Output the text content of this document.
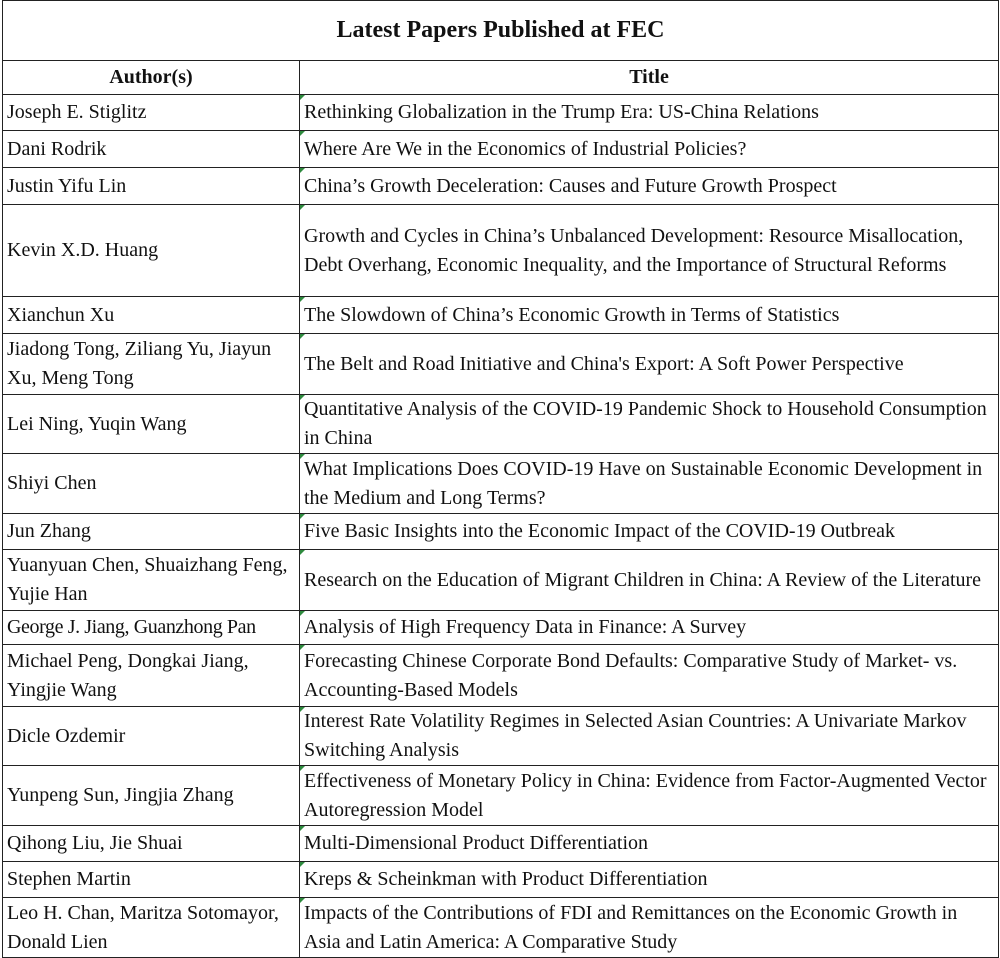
Latest Papers Published at FEC	
Author(s)	Title
Joseph E. Stiglitz	Rethinking Globalization in the Trump Era: US-China Relations
Dani Rodrik	Where Are We in the Economics of Industrial Policies?
Justin Yifu Lin	China’s Growth Deceleration: Causes and Future Growth Prospect
Kevin X.D. Huang	Growth and Cycles in China’s Unbalanced Development: Resource Misallocation, Debt Overhang, Economic Inequality, and the Importance of Structural Reforms
Xianchun Xu	The Slowdown of China’s Economic Growth in Terms of Statistics
Jiadong Tong, Ziliang Yu, Jiayun Xu, Meng Tong	The Belt and Road Initiative and China's Export: A Soft Power Perspective
Lei Ning, Yuqin Wang	Quantitative Analysis of the COVID-19 Pandemic Shock to Household Consumption in China
Shiyi Chen	What Implications Does COVID-19 Have on Sustainable Economic Development in the Medium and Long Terms?
Jun Zhang	Five Basic Insights into the Economic Impact of the COVID-19 Outbreak
Yuanyuan Chen, Shuaizhang Feng, Yujie Han	Research on the Education of Migrant Children in China: A Review of the Literature
George J. Jiang, Guanzhong Pan	Analysis of High Frequency Data in Finance: A Survey
Michael Peng, Dongkai Jiang, Yingjie Wang	Forecasting Chinese Corporate Bond Defaults: Comparative Study of Market- vs. Accounting-Based Models
Dicle Ozdemir	Interest Rate Volatility Regimes in Selected Asian Countries: A Univariate Markov Switching Analysis
Yunpeng Sun, Jingjia Zhang	Effectiveness of Monetary Policy in China: Evidence from Factor-Augmented Vector Autoregression Model
Qihong Liu, Jie Shuai	Multi-Dimensional Product Differentiation
Stephen Martin	Kreps & Scheinkman with Product Differentiation
Leo H. Chan, Maritza Sotomayor, Donald Lien	Impacts of the Contributions of FDI and Remittances on the Economic Growth in Asia and Latin America: A Comparative Study
